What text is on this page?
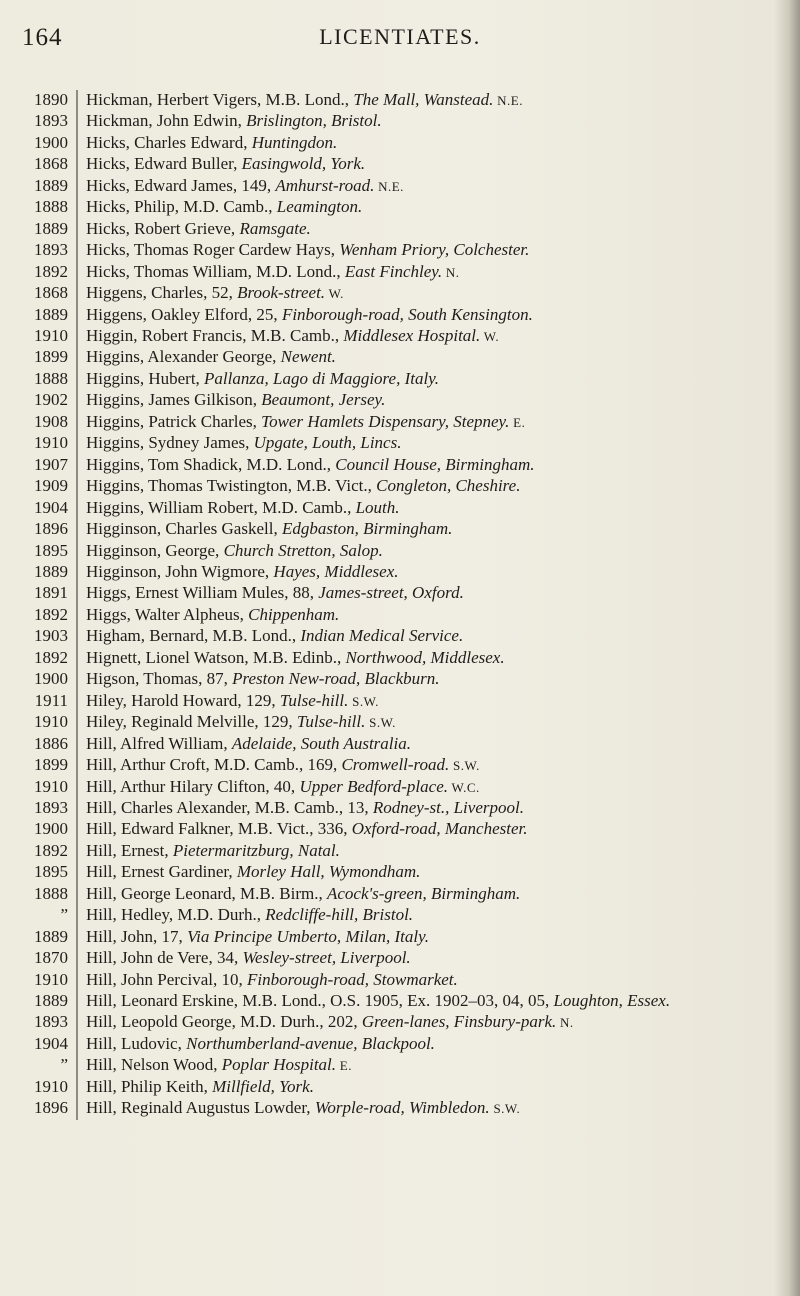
164	LICENTIATES.
1890	Hickman, Herbert Vigers, M.B. Lond., The Mall, Wanstead. N.E.
1893	Hickman, John Edwin, Brislington, Bristol.
1900	Hicks, Charles Edward, Huntingdon.
1868	Hicks, Edward Buller, Easingwold, York.
1889	Hicks, Edward James, 149, Amhurst-road. N.E.
1888	Hicks, Philip, M.D. Camb., Leamington.
1889	Hicks, Robert Grieve, Ramsgate.
1893	Hicks, Thomas Roger Cardew Hays, Wenham Priory, Colchester.
1892	Hicks, Thomas William, M.D. Lond., East Finchley. N.
1868	Higgens, Charles, 52, Brook-street. W.
1889	Higgens, Oakley Elford, 25, Finborough-road, South Kensington.
1910	Higgin, Robert Francis, M.B. Camb., Middlesex Hospital. W.
1899	Higgins, Alexander George, Newent.
1888	Higgins, Hubert, Pallanza, Lago di Maggiore, Italy.
1902	Higgins, James Gilkison, Beaumont, Jersey.
1908	Higgins, Patrick Charles, Tower Hamlets Dispensary, Stepney. E.
1910	Higgins, Sydney James, Upgate, Louth, Lincs.
1907	Higgins, Tom Shadick, M.D. Lond., Council House, Birmingham.
1909	Higgins, Thomas Twistington, M.B. Vict., Congleton, Cheshire.
1904	Higgins, William Robert, M.D. Camb., Louth.
1896	Higginson, Charles Gaskell, Edgbaston, Birmingham.
1895	Higginson, George, Church Stretton, Salop.
1889	Higginson, John Wigmore, Hayes, Middlesex.
1891	Higgs, Ernest William Mules, 88, James-street, Oxford.
1892	Higgs, Walter Alpheus, Chippenham.
1903	Higham, Bernard, M.B. Lond., Indian Medical Service.
1892	Hignett, Lionel Watson, M.B. Edinb., Northwood, Middlesex.
1900	Higson, Thomas, 87, Preston New-road, Blackburn.
1911	Hiley, Harold Howard, 129, Tulse-hill. S.W.
1910	Hiley, Reginald Melville, 129, Tulse-hill. S.W.
1886	Hill, Alfred William, Adelaide, South Australia.
1899	Hill, Arthur Croft, M.D. Camb., 169, Cromwell-road. S.W.
1910	Hill, Arthur Hilary Clifton, 40, Upper Bedford-place. W.C.
1893	Hill, Charles Alexander, M.B. Camb., 13, Rodney-st., Liverpool.
1900	Hill, Edward Falkner, M.B. Vict., 336, Oxford-road, Manchester.
1892	Hill, Ernest, Pietermaritzburg, Natal.
1895	Hill, Ernest Gardiner, Morley Hall, Wymondham.
1888	Hill, George Leonard, M.B. Birm., Acock's-green, Birmingham.
”	Hill, Hedley, M.D. Durh., Redcliffe-hill, Bristol.
1889	Hill, John, 17, Via Principe Umberto, Milan, Italy.
1870	Hill, John de Vere, 34, Wesley-street, Liverpool.
1910	Hill, John Percival, 10, Finborough-road, Stowmarket.
1889	Hill, Leonard Erskine, M.B. Lond., O.S. 1905, Ex. 1902–03, 04, 05, Loughton, Essex.
1893	Hill, Leopold George, M.D. Durh., 202, Green-lanes, Finsbury-park. N.
1904	Hill, Ludovic, Northumberland-avenue, Blackpool.
”	Hill, Nelson Wood, Poplar Hospital. E.
1910	Hill, Philip Keith, Millfield, York.
1896	Hill, Reginald Augustus Lowder, Worple-road, Wimbledon. S.W.
